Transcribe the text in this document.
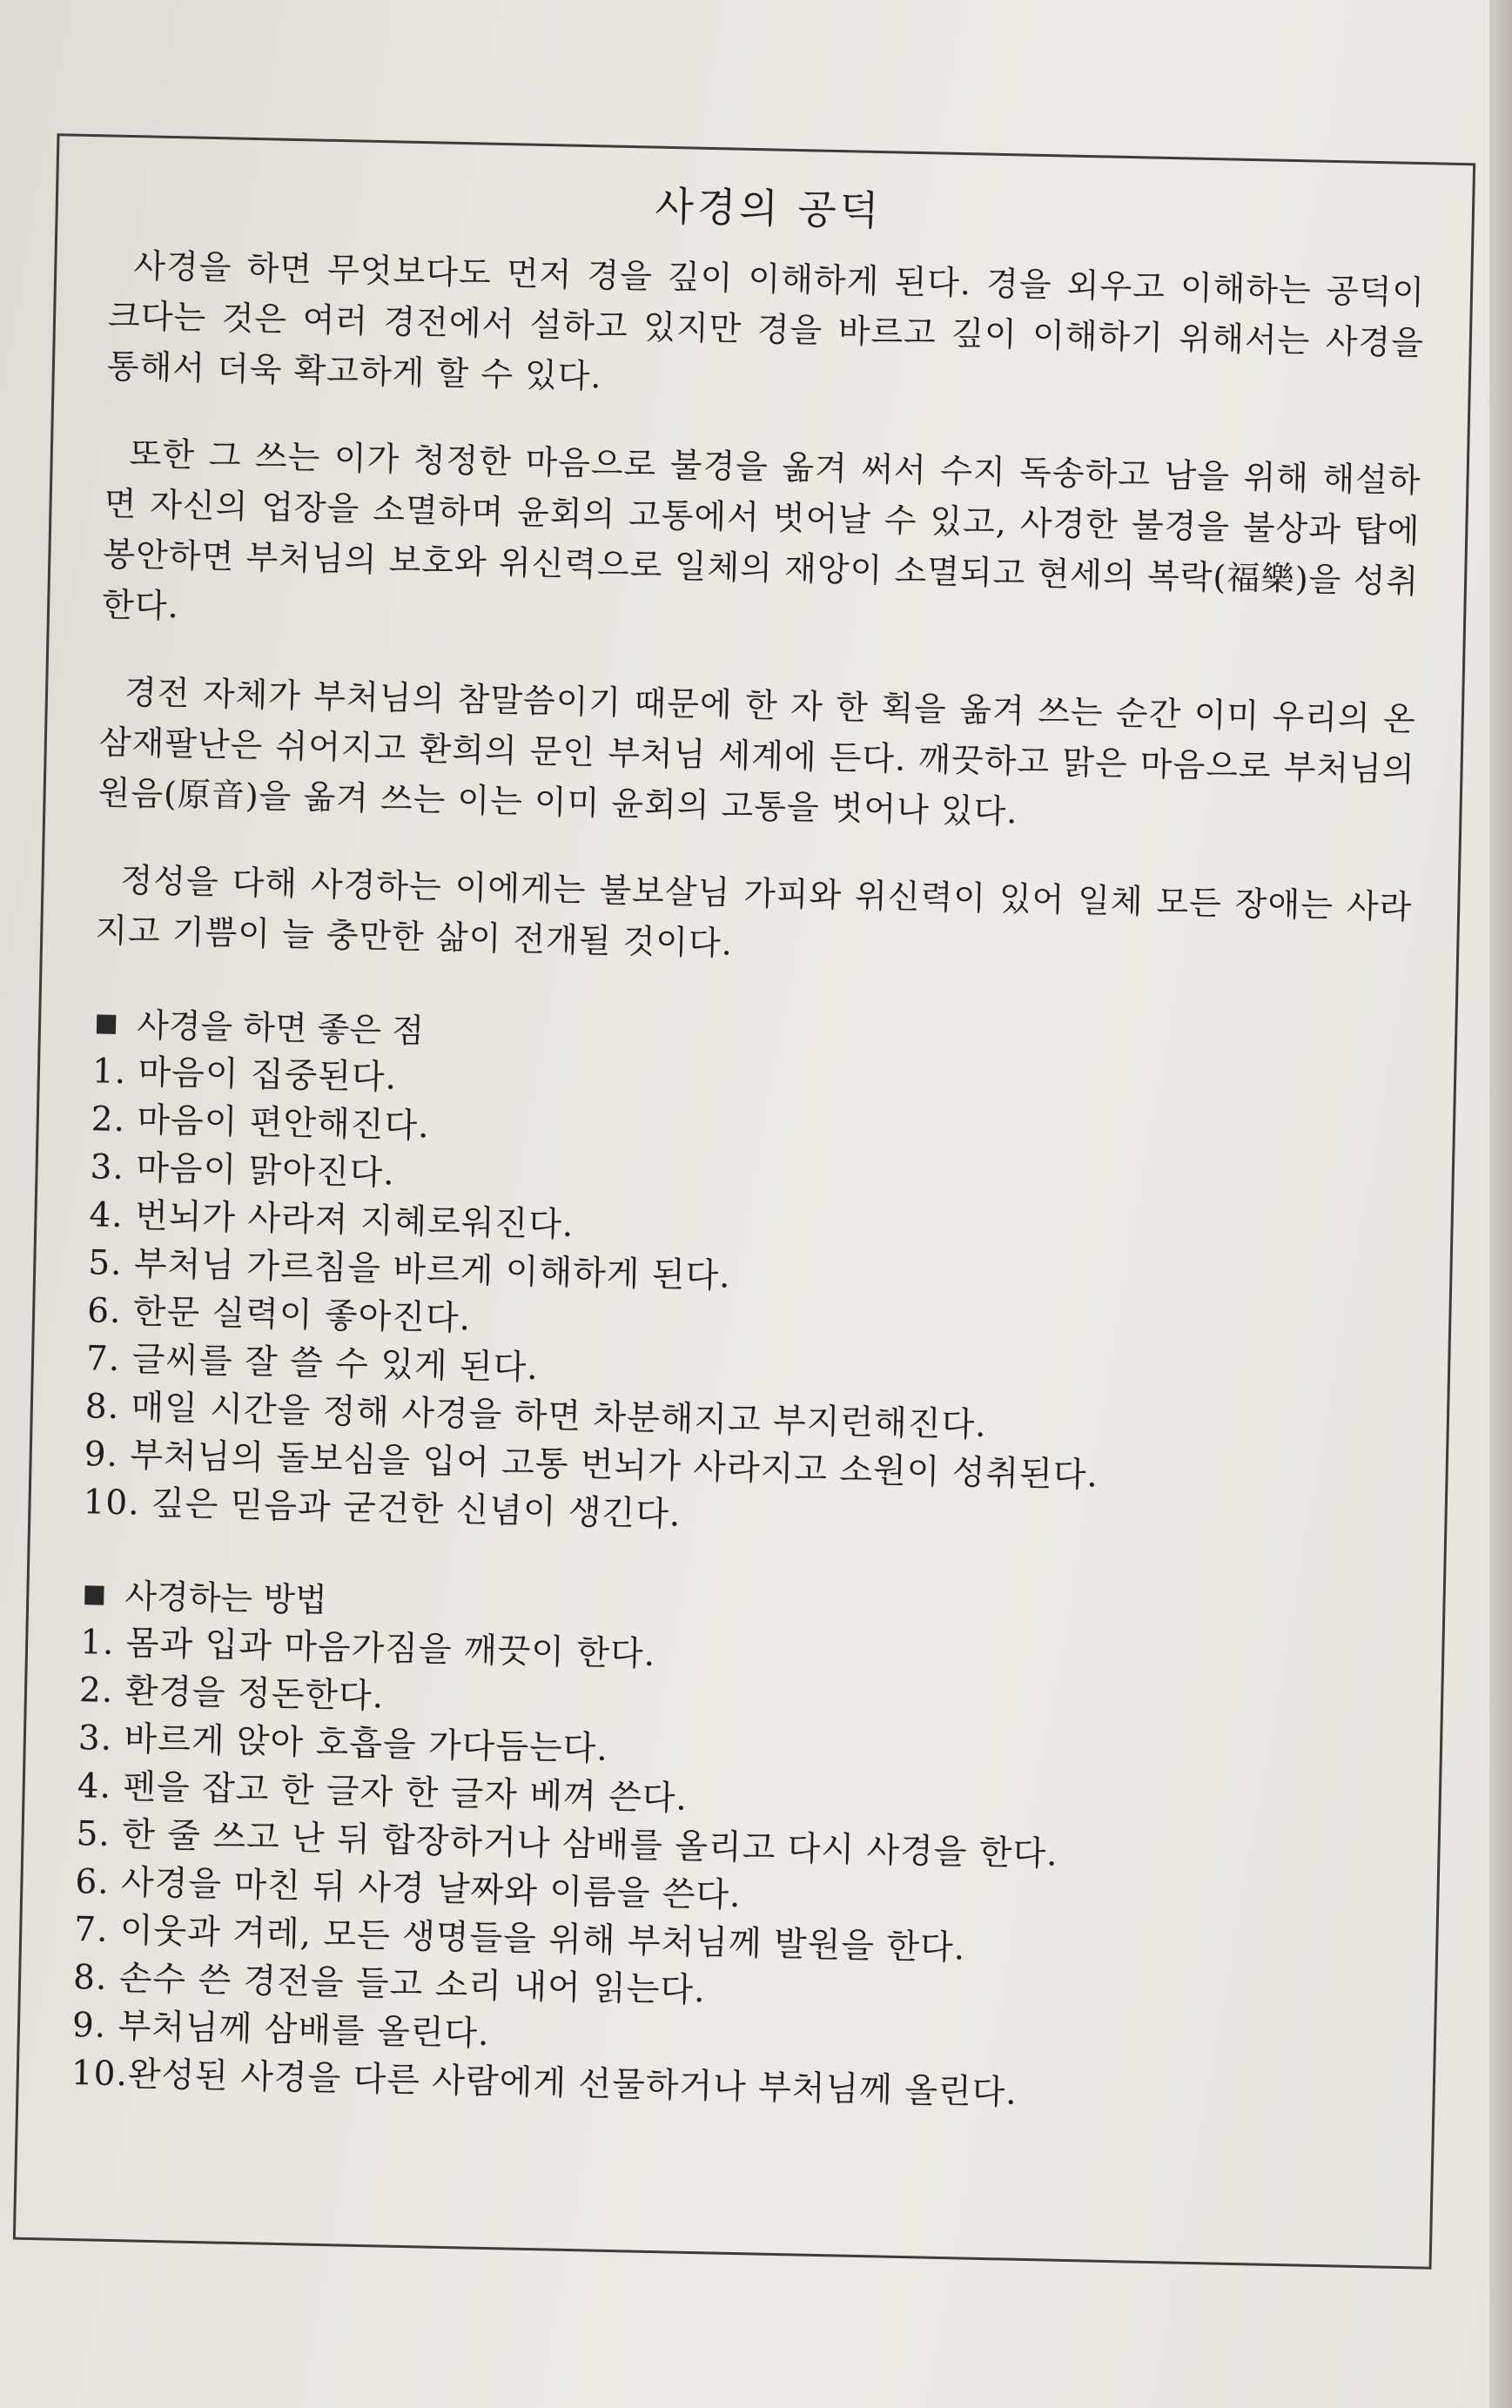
사경의 공덕

사경을 하면 무엇보다도 먼저 경을 깊이 이해하게 된다. 경을 외우고 이해하는 공덕이 크다는 것은 여러 경전에서 설하고 있지만 경을 바르고 깊이 이해하기 위해서는 사경을 통해서 더욱 확고하게 할 수 있다.

또한 그 쓰는 이가 청정한 마음으로 불경을 옮겨 써서 수지 독송하고 남을 위해 해설하면 자신의 업장을 소멸하며 윤회의 고통에서 벗어날 수 있고, 사경한 불경을 불상과 탑에 봉안하면 부처님의 보호와 위신력으로 일체의 재앙이 소멸되고 현세의 복락(福樂)을 성취한다.

경전 자체가 부처님의 참말씀이기 때문에 한 자 한 획을 옮겨 쓰는 순간 이미 우리의 온 삼재팔난은 쉬어지고 환희의 문인 부처님 세계에 든다. 깨끗하고 맑은 마음으로 부처님의 원음(原音)을 옮겨 쓰는 이는 이미 윤회의 고통을 벗어나 있다.

정성을 다해 사경하는 이에게는 불보살님 가피와 위신력이 있어 일체 모든 장애는 사라지고 기쁨이 늘 충만한 삶이 전개될 것이다.

사경을 하면 좋은 점

1. 마음이 집중된다.
2. 마음이 편안해진다.
3. 마음이 맑아진다.
4. 번뇌가 사라져 지혜로워진다.
5. 부처님 가르침을 바르게 이해하게 된다.
6. 한문 실력이 좋아진다.
7. 글씨를 잘 쓸 수 있게 된다.
8. 매일 시간을 정해 사경을 하면 차분해지고 부지런해진다.
9. 부처님의 돌보심을 입어 고통 번뇌가 사라지고 소원이 성취된다.
10. 깊은 믿음과 굳건한 신념이 생긴다.

사경하는 방법

1. 몸과 입과 마음가짐을 깨끗이 한다.
2. 환경을 정돈한다.
3. 바르게 앉아 호흡을 가다듬는다.
4. 펜을 잡고 한 글자 한 글자 베껴 쓴다.
5. 한 줄 쓰고 난 뒤 합장하거나 삼배를 올리고 다시 사경을 한다.
6. 사경을 마친 뒤 사경 날짜와 이름을 쓴다.
7. 이웃과 겨레, 모든 생명들을 위해 부처님께 발원을 한다.
8. 손수 쓴 경전을 들고 소리 내어 읽는다.
9. 부처님께 삼배를 올린다.
10.완성된 사경을 다른 사람에게 선물하거나 부처님께 올린다.
